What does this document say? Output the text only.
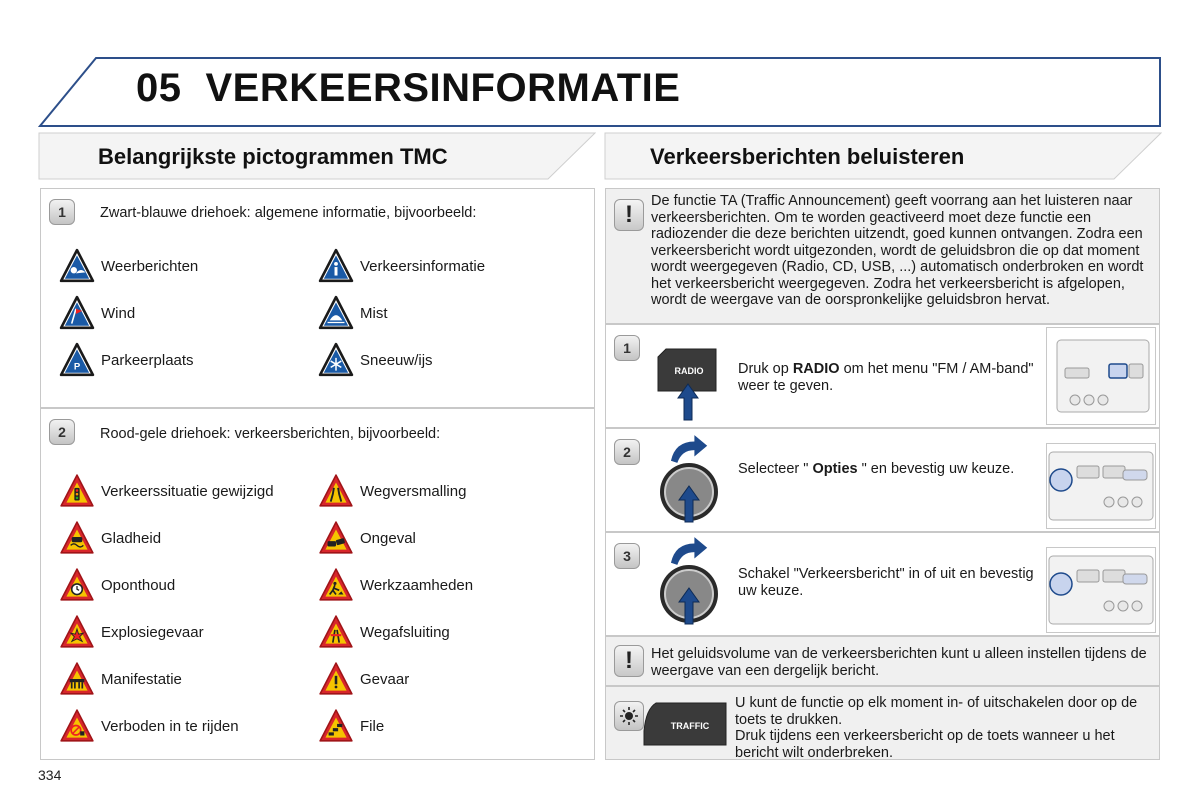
05 VERKEERSINFORMATIE
Belangrijkste pictogrammen TMC	Verkeersberichten beluisteren
1	Zwart-blauwe driehoek: algemene informatie, bijvoorbeeld:
Weerberichten	Verkeersinformatie
Wind	Mist
P Parkeerplaats	Sneeuw/ijs
2	Rood-gele driehoek: verkeersberichten, bijvoorbeeld:
Verkeerssituatie gewijzigd	Wegversmalling
Gladheid	Ongeval
Oponthoud	Werkzaamheden
Explosiegevaar	Wegafsluiting
Manifestatie	Gevaar
Verboden in te rijden	File
!	De functie TA (Traffic Announcement) geeft voorrang aan het luisteren naar verkeersberichten. Om te worden geactiveerd moet deze functie een radiozender die deze berichten uitzendt, goed kunnen ontvangen. Zodra een verkeersbericht wordt uitgezonden, wordt de geluidsbron die op dat moment wordt weergegeven (Radio, CD, USB, ...) automatisch onderbroken en wordt het verkeersbericht weergegeven. Zodra het verkeersbericht is afgelopen, wordt de weergave van de oorspronkelijke geluidsbron hervat.
1
RADIO Druk op RADIO om het menu "FM / AM-band" weer te geven.
2
Selecteer " Opties " en bevestig uw keuze.
3
Schakel "Verkeersbericht" in of uit en bevestig uw keuze.
!	Het geluidsvolume van de verkeersberichten kunt u alleen instellen tijdens de weergave van een dergelijk bericht.
TRAFFIC
U kunt de functie op elk moment in- of uitschakelen door op de toets te drukken.
Druk tijdens een verkeersbericht op de toets wanneer u het bericht wilt onderbreken.
334
